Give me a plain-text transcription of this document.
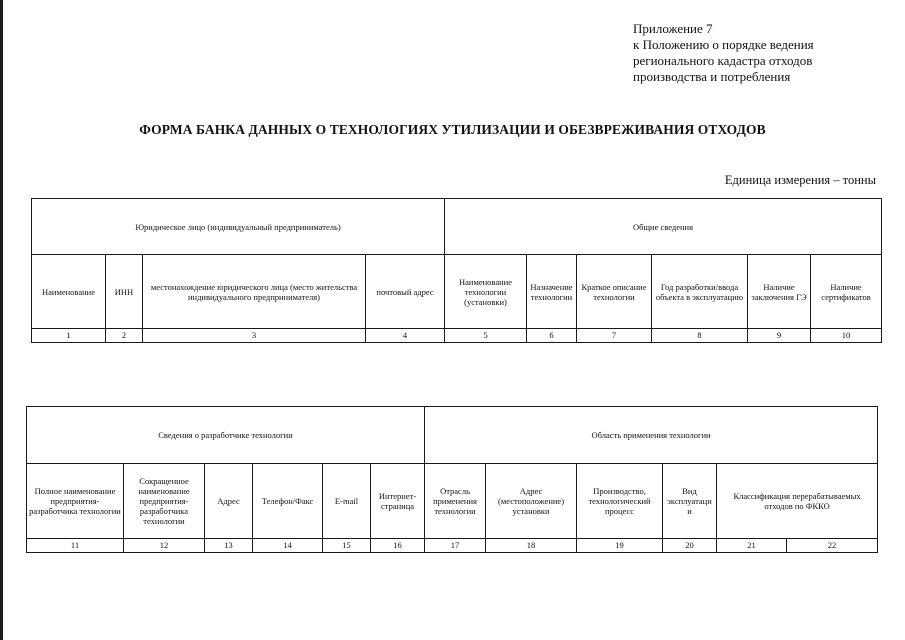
Приложение 7
к Положению о порядке ведения
регионального кадастра отходов
производства и потребления
ФОРМА БАНКА ДАННЫХ О ТЕХНОЛОГИЯХ УТИЛИЗАЦИИ И ОБЕЗВРЕЖИВАНИЯ ОТХОДОВ
Единица измерения – тонны
Юридическое лицо (индивидуальный предприниматель)				Общие сведения					
Наименование	ИНН	местонахождение юридического лица (место жительства индивидуального предпринимателя)	почтовый адрес	Наименование технологии (установки)	Назначение технологии	Краткое описание технологии	Год разработки/ввода объекта в эксплуатацию	Наличие заключения ГЭ	Наличие сертификатов
1	2	3	4	5	6	7	8	9	10
Сведения о разработчике технологии						Область применения технологии					
Полное наименование предприятия-разработчика технологии	Сокращенное наименование предприятия-разработчика технологии	Адрес	Телефон/Факс	E-mail	Интернет-страница	Отрасль применения технологии	Адрес (местоположение) установки	Производство, технологический процесс	Вид эксплуатации	Классификация перерабатываемых отходов по ФККО	
11	12	13	14	15	16	17	18	19	20	21	22
